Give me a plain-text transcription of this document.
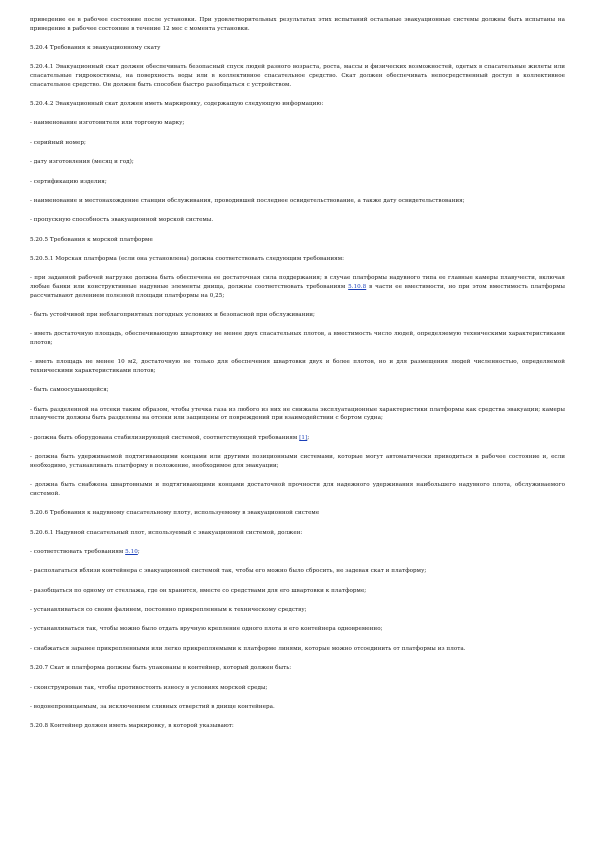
приведение ее в рабочее состояние после установки. При удовлетворительных результатах этих испытаний остальные эвакуационные системы должны быть испытаны на приведение в рабочее состояние в течение 12 мес с момента установки.

5.20.4 Требования к эвакуационному скату

5.20.4.1 Эвакуационный скат должен обеспечивать безопасный спуск людей разного возраста, роста, массы и физических возможностей, одетых в спасательные жилеты или спасательные гидрокостюмы, на поверхность воды или в коллективное спасательное средство. Скат должен обеспечивать непосредственный доступ в коллективное спасательное средство. Он должен быть способен быстро разобщаться с устройством.

5.20.4.2 Эвакуационный скат должен иметь маркировку, содержащую следующую информацию:

- наименование изготовителя или торговую марку;

- серийный номер;

- дату изготовления (месяц и год);

- сертификацию изделия;

- наименование и местонахождение станции обслуживания, проводившей последнее освидетельствование, а также дату освидетельствования;

- пропускную способность эвакуационной морской системы.

5.20.5 Требования к морской платформе

5.20.5.1 Морская платформа (если она установлена) должна соответствовать следующим требованиям:

- при заданной рабочей нагрузке должна быть обеспечена ее достаточная сила поддержания; в случае платформы надувного типа ее главные камеры плавучести, включая любые банки или конструктивные надувные элементы днища, должны соответствовать требованиям 5.10.8 в части ее вместимости, но при этом вместимость платформы рассчитывают делением полезной площади платформы на 0,25;

- быть устойчивой при неблагоприятных погодных условиях и безопасной при обслуживании;

- иметь достаточную площадь, обеспечивающую швартовку не менее двух спасательных плотов, а вместимость число людей, определяемую техническими характеристиками плотов;

- иметь площадь не менее 10 м2, достаточную не только для обеспечения швартовки двух и более плотов, но и для размещения людей численностью, определяемой техническими характеристиками плотов;

- быть самоосушающейся;

- быть разделенной на отсеки таким образом, чтобы утечка газа из любого из них не снижала эксплуатационные характеристики платформы как средства эвакуации; камеры плавучести должны быть разделены на отсеки или защищены от повреждений при взаимодействии с бортом судна;

- должна быть оборудована стабилизирующей системой, соответствующей требованиям [1];

- должна быть удерживаемой подтягивающими концами или другими позиционными системами, которые могут автоматически приводиться в рабочее состояние и, если необходимо, устанавливать платформу в положение, необходимое для эвакуации;

- должна быть снабжена швартовными и подтягивающими концами достаточной прочности для надежного удерживания наибольшего надувного плота, обслуживаемого системой.

5.20.6 Требования к надувному спасательному плоту, используемому в эвакуационной системе

5.20.6.1 Надувной спасательный плот, используемый с эвакуационной системой, должен:

- соответствовать требованиям 5.10;

- располагаться вблизи контейнера с эвакуационной системой так, чтобы его можно было сбросить, не задевая скат и платформу;

- разобщаться по одному от стеллажа, где он хранится, вместе со средствами для его швартовки к платформе;

- устанавливаться со своим фалинем, постоянно прикрепленным к техническому средству;

- устанавливаться так, чтобы можно было отдать вручную крепление одного плота и его контейнера одновременно;

- снабжаться заранее прикрепленными или легко прикрепляемыми к платформе линями, которые можно отсоединить от платформы из плота.

5.20.7 Скат и платформа должны быть упакованы в контейнер, который должен быть:

- сконструирован так, чтобы противостоять износу в условиях морской среды;

- водонепроницаемым, за исключением сливных отверстий в днище контейнера.

5.20.8 Контейнер должен иметь маркировку, в которой указывают:
